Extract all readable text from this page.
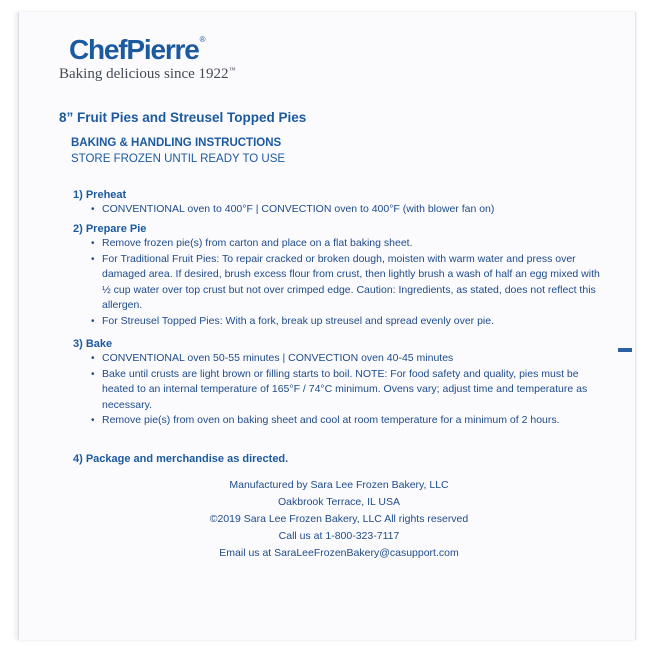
ChefPierre®
Baking delicious since 1922™
8” Fruit Pies and Streusel Topped Pies
BAKING & HANDLING INSTRUCTIONS
STORE FROZEN UNTIL READY TO USE
1) Preheat
• CONVENTIONAL oven to 400°F | CONVECTION oven to 400°F (with blower fan on)
2) Prepare Pie
• Remove frozen pie(s) from carton and place on a flat baking sheet.
• For Traditional Fruit Pies: To repair cracked or broken dough, moisten with warm water and press over damaged area. If desired, brush excess flour from crust, then lightly brush a wash of half an egg mixed with ½ cup water over top crust but not over crimped edge. Caution: Ingredients, as stated, does not reflect this allergen.
• For Streusel Topped Pies: With a fork, break up streusel and spread evenly over pie.
3) Bake
• CONVENTIONAL oven 50-55 minutes | CONVECTION oven 40-45 minutes
• Bake until crusts are light brown or filling starts to boil. NOTE: For food safety and quality, pies must be heated to an internal temperature of 165°F / 74°C minimum. Ovens vary; adjust time and temperature as necessary.
• Remove pie(s) from oven on baking sheet and cool at room temperature for a minimum of 2 hours.
4) Package and merchandise as directed.
Manufactured by Sara Lee Frozen Bakery, LLC
Oakbrook Terrace, IL USA
©2019 Sara Lee Frozen Bakery, LLC All rights reserved
Call us at 1-800-323-7117
Email us at SaraLeeFrozenBakery@casupport.com
